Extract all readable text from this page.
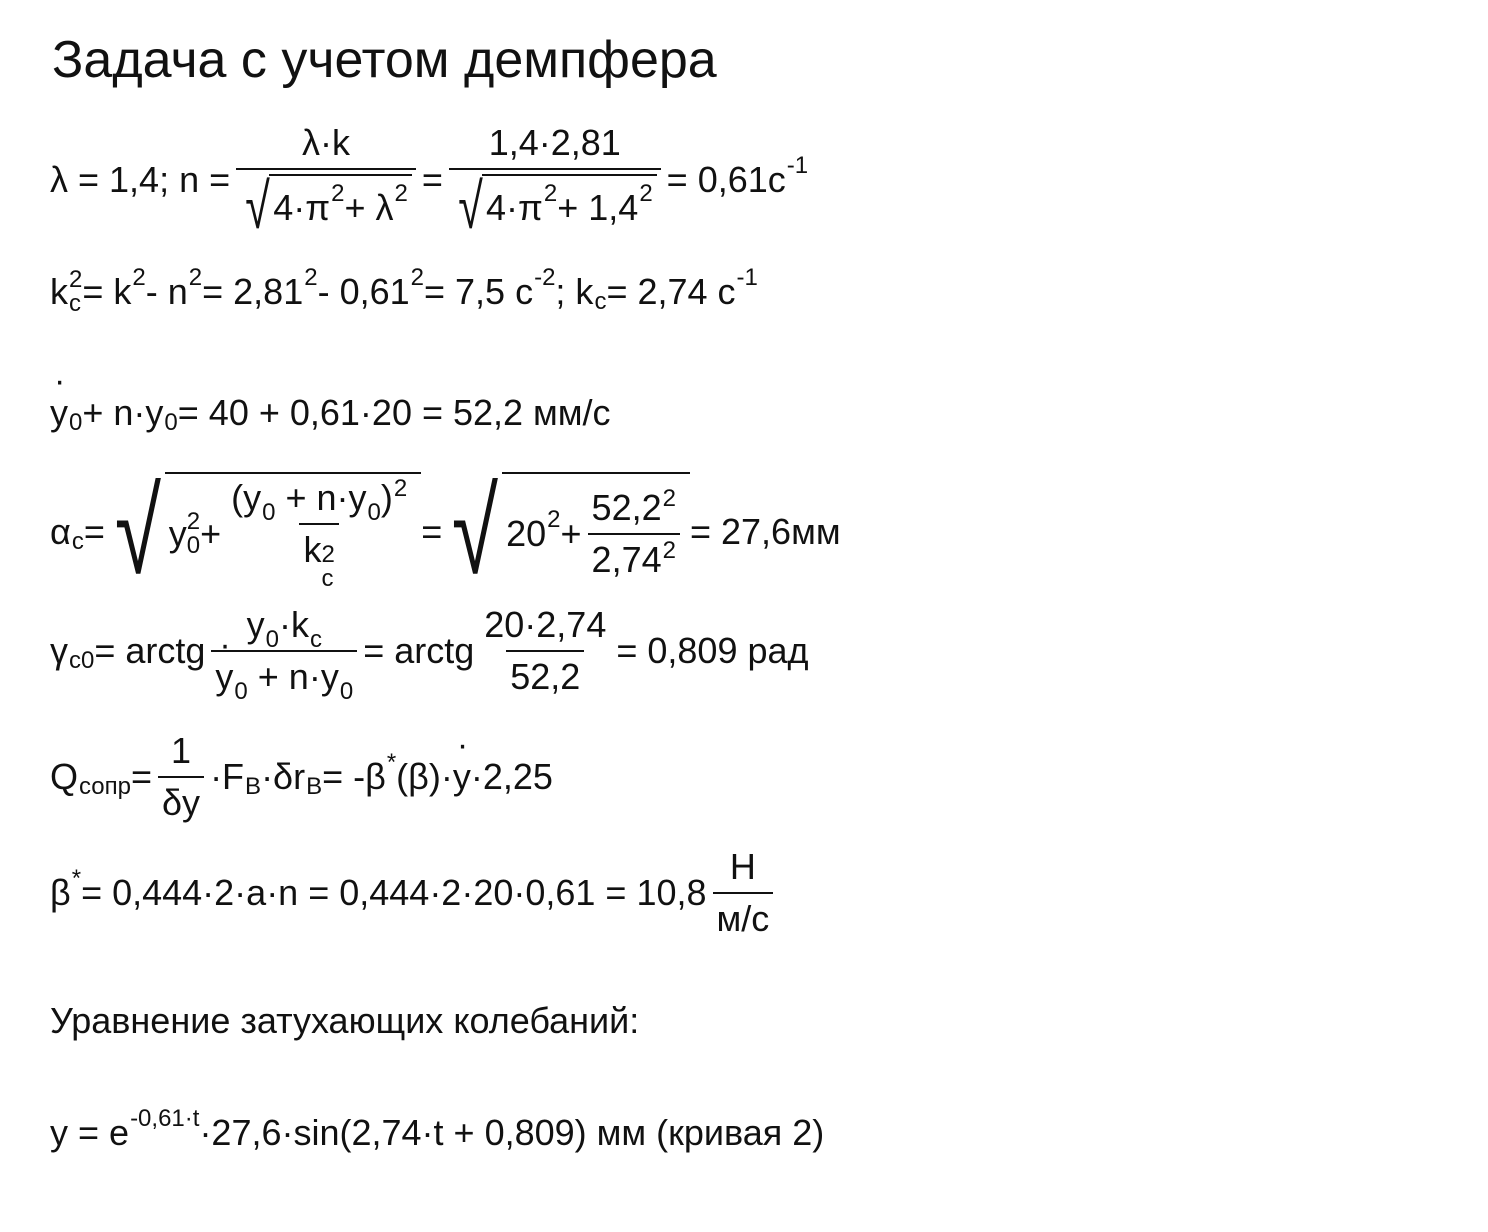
Задача с учетом демпфера
λ = 1,4; $n = \frac{\lambda\cdot k}{√ 4\cdot\pi 2 + \lambda 2} = \frac{1,4\cdot 2,81}{√ 4\cdot\pi 2 + 1,4 2} = 0,61c$ -1
k 2
c = k 2 - n 2 = 2,81 2 - 0,61 2 = 7,5 c -2 ; k c = 2,74 c -1
· y 0 + n·y 0 = 40 + 0,61·20 = 52,2 мм/с
α c = √ y 2
$0 + (y_0 + n\cdot y_0)^2$
k 2
c = √ 20 $2 + \frac{52,2^2}{2,74^2} = 27,6мм$
γ c0 = arctg $y_0\cdot k_c$
· $y_0 + n\cdot y_0$ = arctg $\frac{20\cdot 2,74}{52,2} = 0,809$ рад
Q сопр = $\frac{1}{\delta y} \cdot F$ B ·δr B = -β * (β)·
· y ·2,25
β * = $0,444\cdot 2\cdot a\cdot n = 0,444\cdot 2\cdot 20\cdot 0,61 = 10,8 \frac{Н}{м/с}$
Уравнение затухающих колебаний:
y = e -0,61·t ·27,6·sin(2,74·t + 0,809) мм (кривая 2)
